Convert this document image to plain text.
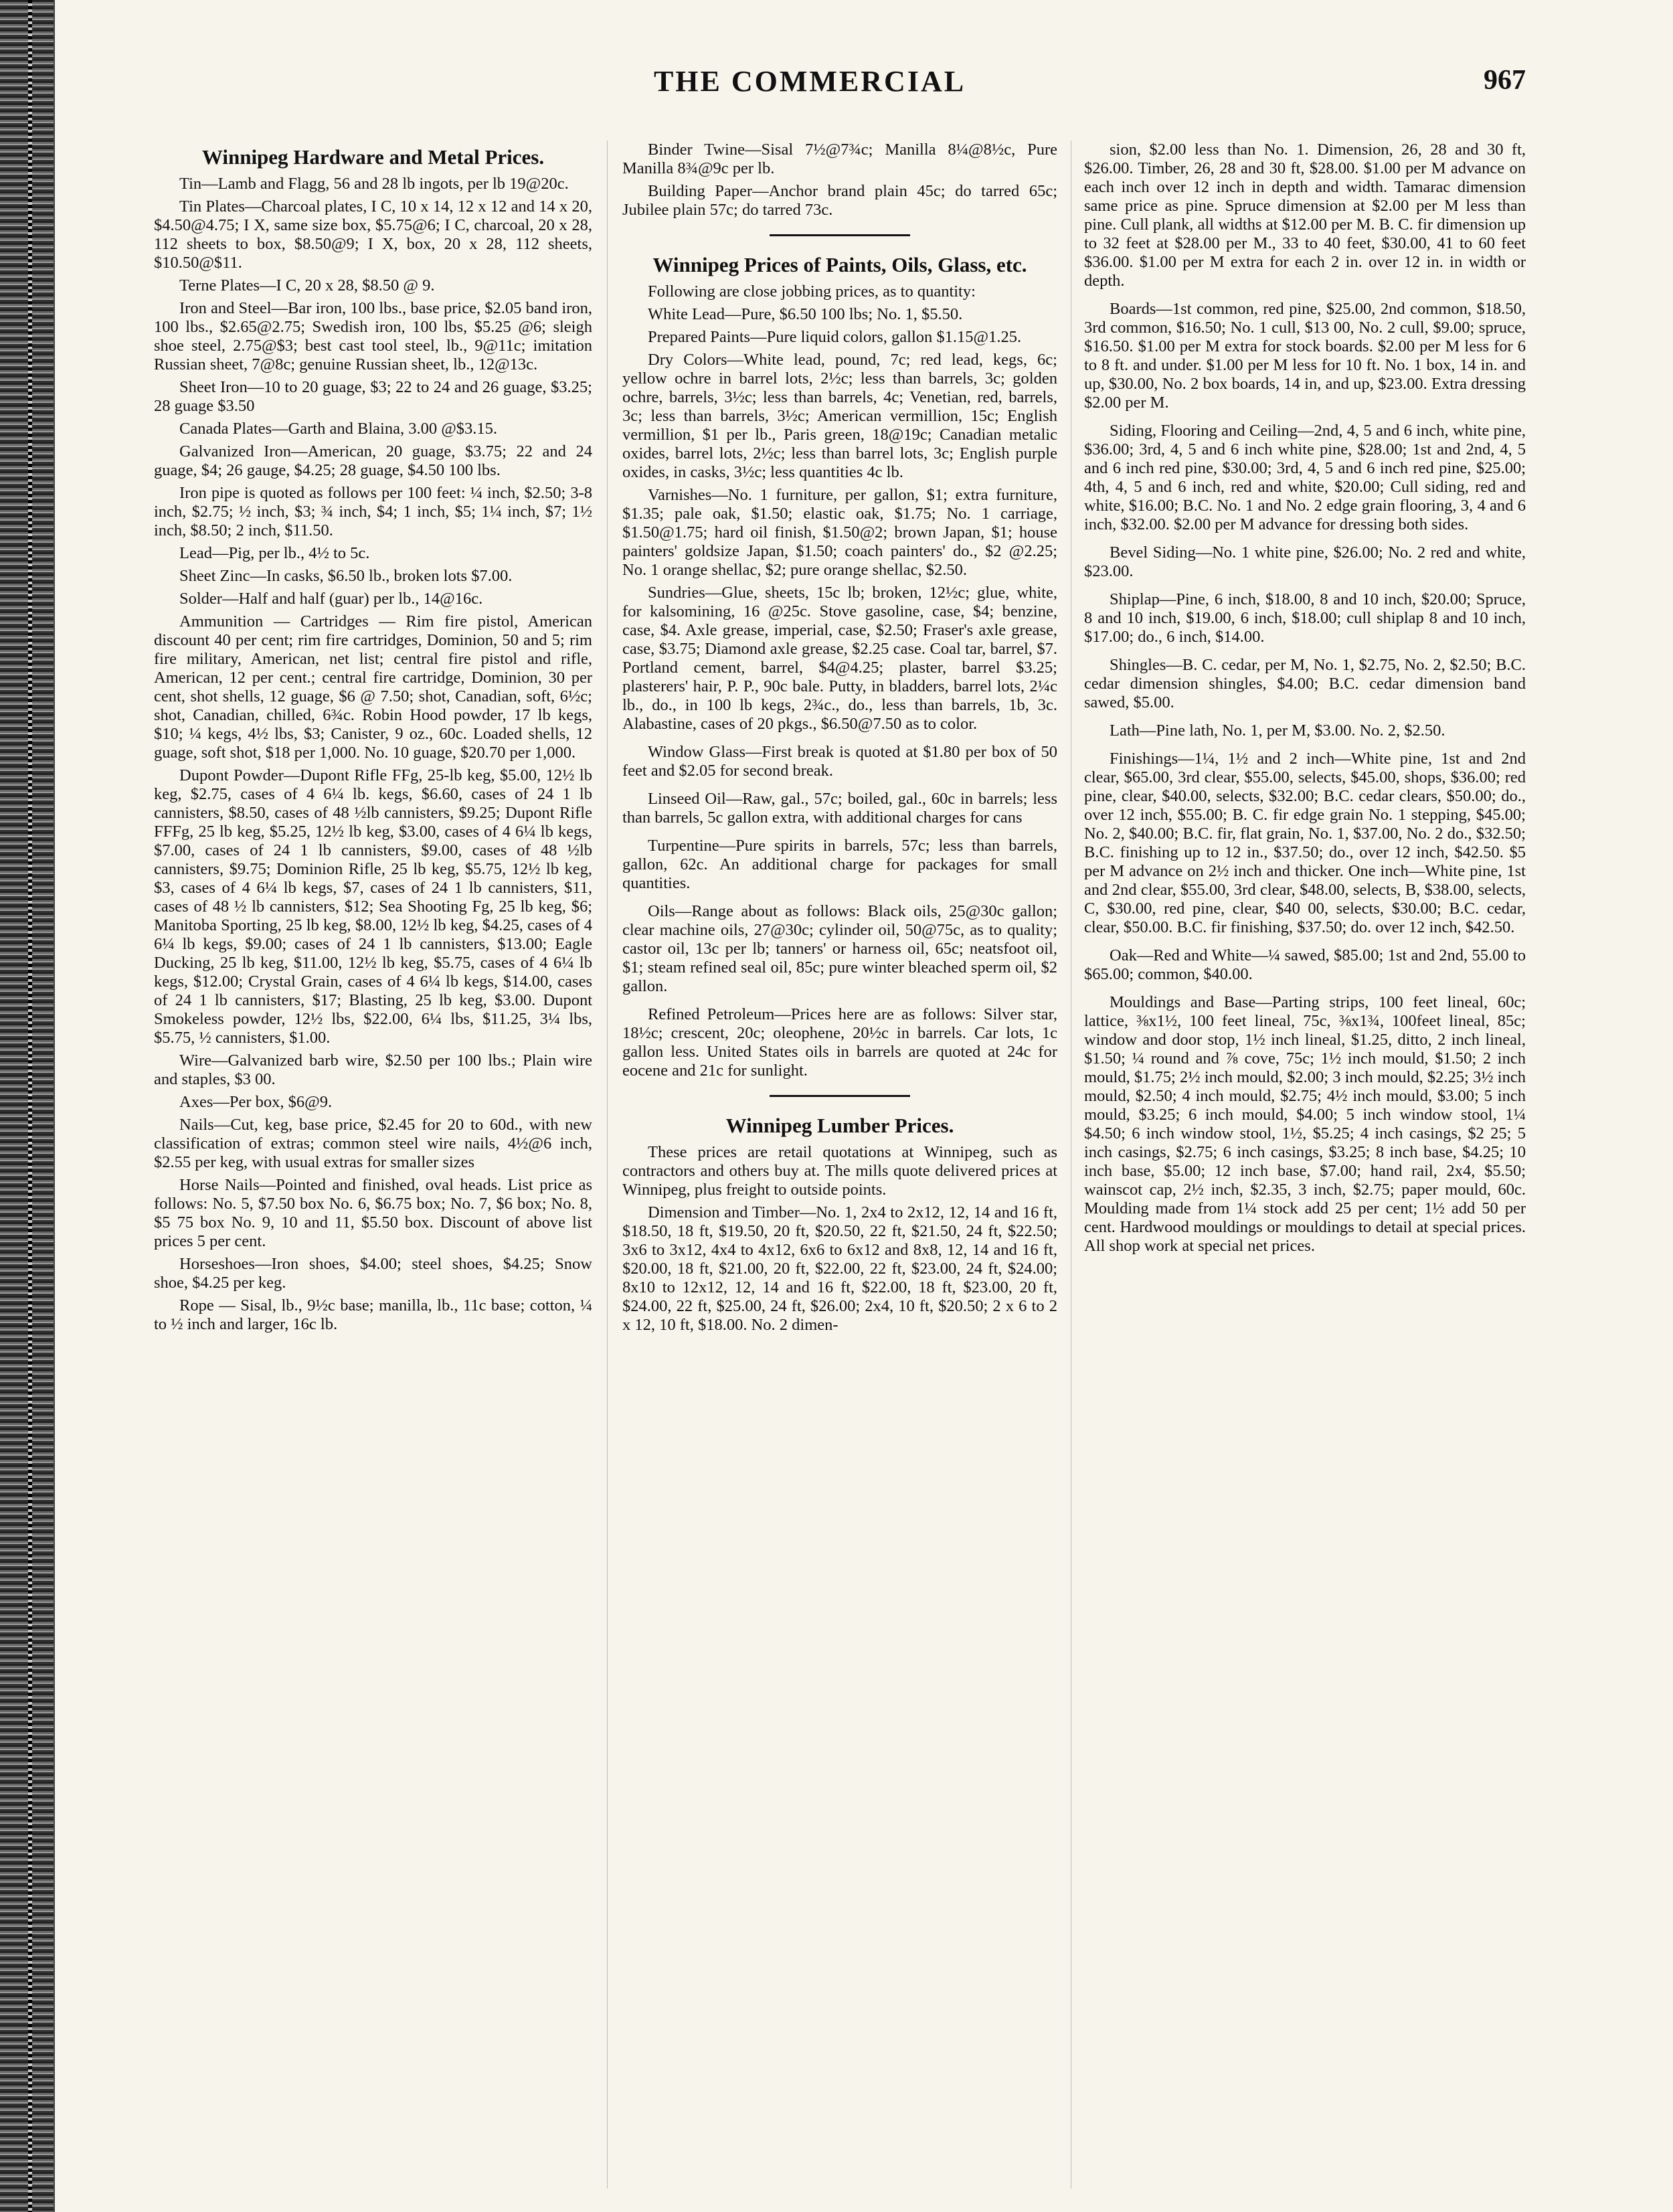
THE COMMERCIAL	967
Winnipeg Hardware and Metal Prices.

Tin—Lamb and Flagg, 56 and 28 lb ingots, per lb 19@20c.

Tin Plates—Charcoal plates, I C, 10 x 14, 12 x 12 and 14 x 20, $4.50@4.75; I X, same size box, $5.75@6; I C, charcoal, 20 x 28, 112 sheets to box, $8.50@9; I X, box, 20 x 28, 112 sheets, $10.50@$11.

Terne Plates—I C, 20 x 28, $8.50 @ 9.

Iron and Steel—Bar iron, 100 lbs., base price, $2.05 band iron, 100 lbs., $2.65@2.75; Swedish iron, 100 lbs, $5.25 @6; sleigh shoe steel, 2.75@$3; best cast tool steel, lb., 9@11c; imitation Russian sheet, 7@8c; genuine Russian sheet, lb., 12@13c.

Sheet Iron—10 to 20 guage, $3; 22 to 24 and 26 guage, $3.25; 28 guage $3.50

Canada Plates—Garth and Blaina, 3.00 @$3.15.

Galvanized Iron—American, 20 guage, $3.75; 22 and 24 guage, $4; 26 gauge, $4.25; 28 guage, $4.50 100 lbs.

Iron pipe is quoted as follows per 100 feet: ¼ inch, $2.50; 3-8 inch, $2.75; ½ inch, $3; ¾ inch, $4; 1 inch, $5; 1¼ inch, $7; 1½ inch, $8.50; 2 inch, $11.50.

Lead—Pig, per lb., 4½ to 5c.

Sheet Zinc—In casks, $6.50 lb., broken lots $7.00.

Solder—Half and half (guar) per lb., 14@16c.

Ammunition — Cartridges — Rim fire pistol, American discount 40 per cent; rim fire cartridges, Dominion, 50 and 5; rim fire military, American, net list; central fire pistol and rifle, American, 12 per cent.; central fire cartridge, Dominion, 30 per cent, shot shells, 12 guage, $6 @ 7.50; shot, Canadian, soft, 6½c; shot, Canadian, chilled, 6¾c. Robin Hood powder, 17 lb kegs, $10; ¼ kegs, 4½ lbs, $3; Canister, 9 oz., 60c. Loaded shells, 12 guage, soft shot, $18 per 1,000. No. 10 guage, $20.70 per 1,000.

Dupont Powder—Dupont Rifle FFg, 25-lb keg, $5.00, 12½ lb keg, $2.75, cases of 4 6¼ lb. kegs, $6.60, cases of 24 1 lb cannisters, $8.50, cases of 48 ½lb cannisters, $9.25; Dupont Rifle FFFg, 25 lb keg, $5.25, 12½ lb keg, $3.00, cases of 4 6¼ lb kegs, $7.00, cases of 24 1 lb cannisters, $9.00, cases of 48 ½lb cannisters, $9.75; Dominion Rifle, 25 lb keg, $5.75, 12½ lb keg, $3, cases of 4 6¼ lb kegs, $7, cases of 24 1 lb cannisters, $11, cases of 48 ½ lb cannisters, $12; Sea Shooting Fg, 25 lb keg, $6; Manitoba Sporting, 25 lb keg, $8.00, 12½ lb keg, $4.25, cases of 4 6¼ lb kegs, $9.00; cases of 24 1 lb cannisters, $13.00; Eagle Ducking, 25 lb keg, $11.00, 12½ lb keg, $5.75, cases of 4 6¼ lb kegs, $12.00; Crystal Grain, cases of 4 6¼ lb kegs, $14.00, cases of 24 1 lb cannisters, $17; Blasting, 25 lb keg, $3.00. Dupont Smokeless powder, 12½ lbs, $22.00, 6¼ lbs, $11.25, 3¼ lbs, $5.75, ½ cannisters, $1.00.

Wire—Galvanized barb wire, $2.50 per 100 lbs.; Plain wire and staples, $3 00.

Axes—Per box, $6@9.

Nails—Cut, keg, base price, $2.45 for 20 to 60d., with new classification of extras; common steel wire nails, 4½@6 inch, $2.55 per keg, with usual extras for smaller sizes

Horse Nails—Pointed and finished, oval heads. List price as follows: No. 5, $7.50 box No. 6, $6.75 box; No. 7, $6 box; No. 8, $5 75 box No. 9, 10 and 11, $5.50 box. Discount of above list prices 5 per cent.

Horseshoes—Iron shoes, $4.00; steel shoes, $4.25; Snow shoe, $4.25 per keg.

Rope — Sisal, lb., 9½c base; manilla, lb., 11c base; cotton, ¼ to ½ inch and larger, 16c lb.

Binder Twine—Sisal 7½@7¾c; Manilla 8¼@8½c, Pure Manilla 8¾@9c per lb.

Building Paper—Anchor brand plain 45c; do tarred 65c; Jubilee plain 57c; do tarred 73c.

Winnipeg Prices of Paints, Oils, Glass, etc.

Following are close jobbing prices, as to quantity:

White Lead—Pure, $6.50 100 lbs; No. 1, $5.50.

Prepared Paints—Pure liquid colors, gallon $1.15@1.25.

Dry Colors—White lead, pound, 7c; red lead, kegs, 6c; yellow ochre in barrel lots, 2½c; less than barrels, 3c; golden ochre, barrels, 3½c; less than barrels, 4c; Venetian, red, barrels, 3c; less than barrels, 3½c; American vermillion, 15c; English vermillion, $1 per lb., Paris green, 18@19c; Canadian metalic oxides, barrel lots, 2½c; less than barrel lots, 3c; English purple oxides, in casks, 3½c; less quantities 4c lb.

Varnishes—No. 1 furniture, per gallon, $1; extra furniture, $1.35; pale oak, $1.50; elastic oak, $1.75; No. 1 carriage, $1.50@1.75; hard oil finish, $1.50@2; brown Japan, $1; house painters' goldsize Japan, $1.50; coach painters' do., $2 @2.25; No. 1 orange shellac, $2; pure orange shellac, $2.50.

Sundries—Glue, sheets, 15c lb; broken, 12½c; glue, white, for kalsomining, 16 @25c. Stove gasoline, case, $4; benzine, case, $4. Axle grease, imperial, case, $2.50; Fraser's axle grease, case, $3.75; Diamond axle grease, $2.25 case. Coal tar, barrel, $7. Portland cement, barrel, $4@4.25; plaster, barrel $3.25; plasterers' hair, P. P., 90c bale. Putty, in bladders, barrel lots, 2¼c lb., do., in 100 lb kegs, 2¾c., do., less than barrels, 1b, 3c. Alabastine, cases of 20 pkgs., $6.50@7.50 as to color.

Window Glass—First break is quoted at $1.80 per box of 50 feet and $2.05 for second break.

Linseed Oil—Raw, gal., 57c; boiled, gal., 60c in barrels; less than barrels, 5c gallon extra, with additional charges for cans

Turpentine—Pure spirits in barrels, 57c; less than barrels, gallon, 62c. An additional charge for packages for small quantities.

Oils—Range about as follows: Black oils, 25@30c gallon; clear machine oils, 27@30c; cylinder oil, 50@75c, as to quality; castor oil, 13c per lb; tanners' or harness oil, 65c; neatsfoot oil, $1; steam refined seal oil, 85c; pure winter bleached sperm oil, $2 gallon.

Refined Petroleum—Prices here are as follows: Silver star, 18½c; crescent, 20c; oleophene, 20½c in barrels. Car lots, 1c gallon less. United States oils in barrels are quoted at 24c for eocene and 21c for sunlight.

Winnipeg Lumber Prices.

These prices are retail quotations at Winnipeg, such as contractors and others buy at. The mills quote delivered prices at Winnipeg, plus freight to outside points.

Dimension and Timber—No. 1, 2x4 to 2x12, 12, 14 and 16 ft, $18.50, 18 ft, $19.50, 20 ft, $20.50, 22 ft, $21.50, 24 ft, $22.50; 3x6 to 3x12, 4x4 to 4x12, 6x6 to 6x12 and 8x8, 12, 14 and 16 ft, $20.00, 18 ft, $21.00, 20 ft, $22.00, 22 ft, $23.00, 24 ft, $24.00; 8x10 to 12x12, 12, 14 and 16 ft, $22.00, 18 ft, $23.00, 20 ft, $24.00, 22 ft, $25.00, 24 ft, $26.00; 2x4, 10 ft, $20.50; 2 x 6 to 2 x 12, 10 ft, $18.00. No. 2 dimen-

sion, $2.00 less than No. 1. Dimension, 26, 28 and 30 ft, $26.00. Timber, 26, 28 and 30 ft, $28.00. $1.00 per M advance on each inch over 12 inch in depth and width. Tamarac dimension same price as pine. Spruce dimension at $2.00 per M less than pine. Cull plank, all widths at $12.00 per M. B. C. fir dimension up to 32 feet at $28.00 per M., 33 to 40 feet, $30.00, 41 to 60 feet $36.00. $1.00 per M extra for each 2 in. over 12 in. in width or depth.

Boards—1st common, red pine, $25.00, 2nd common, $18.50, 3rd common, $16.50; No. 1 cull, $13 00, No. 2 cull, $9.00; spruce, $16.50. $1.00 per M extra for stock boards. $2.00 per M less for 6 to 8 ft. and under. $1.00 per M less for 10 ft. No. 1 box, 14 in. and up, $30.00, No. 2 box boards, 14 in, and up, $23.00. Extra dressing $2.00 per M.

Siding, Flooring and Ceiling—2nd, 4, 5 and 6 inch, white pine, $36.00; 3rd, 4, 5 and 6 inch white pine, $28.00; 1st and 2nd, 4, 5 and 6 inch red pine, $30.00; 3rd, 4, 5 and 6 inch red pine, $25.00; 4th, 4, 5 and 6 inch, red and white, $20.00; Cull siding, red and white, $16.00; B.C. No. 1 and No. 2 edge grain flooring, 3, 4 and 6 inch, $32.00. $2.00 per M advance for dressing both sides.

Bevel Siding—No. 1 white pine, $26.00; No. 2 red and white, $23.00.

Shiplap—Pine, 6 inch, $18.00, 8 and 10 inch, $20.00; Spruce, 8 and 10 inch, $19.00, 6 inch, $18.00; cull shiplap 8 and 10 inch, $17.00; do., 6 inch, $14.00.

Shingles—B. C. cedar, per M, No. 1, $2.75, No. 2, $2.50; B.C. cedar dimension shingles, $4.00; B.C. cedar dimension band sawed, $5.00.

Lath—Pine lath, No. 1, per M, $3.00. No. 2, $2.50.

Finishings—1¼, 1½ and 2 inch—White pine, 1st and 2nd clear, $65.00, 3rd clear, $55.00, selects, $45.00, shops, $36.00; red pine, clear, $40.00, selects, $32.00; B.C. cedar clears, $50.00; do., over 12 inch, $55.00; B. C. fir edge grain No. 1 stepping, $45.00; No. 2, $40.00; B.C. fir, flat grain, No. 1, $37.00, No. 2 do., $32.50; B.C. finishing up to 12 in., $37.50; do., over 12 inch, $42.50. $5 per M advance on 2½ inch and thicker. One inch—White pine, 1st and 2nd clear, $55.00, 3rd clear, $48.00, selects, B, $38.00, selects, C, $30.00, red pine, clear, $40 00, selects, $30.00; B.C. cedar, clear, $50.00. B.C. fir finishing, $37.50; do. over 12 inch, $42.50.

Oak—Red and White—¼ sawed, $85.00; 1st and 2nd, 55.00 to $65.00; common, $40.00.

Mouldings and Base—Parting strips, 100 feet lineal, 60c; lattice, ⅜x1½, 100 feet lineal, 75c, ⅜x1¾, 100feet lineal, 85c; window and door stop, 1½ inch lineal, $1.25, ditto, 2 inch lineal, $1.50; ¼ round and ⅞ cove, 75c; 1½ inch mould, $1.50; 2 inch mould, $1.75; 2½ inch mould, $2.00; 3 inch mould, $2.25; 3½ inch mould, $2.50; 4 inch mould, $2.75; 4½ inch mould, $3.00; 5 inch mould, $3.25; 6 inch mould, $4.00; 5 inch window stool, 1¼ $4.50; 6 inch window stool, 1½, $5.25; 4 inch casings, $2 25; 5 inch casings, $2.75; 6 inch casings, $3.25; 8 inch base, $4.25; 10 inch base, $5.00; 12 inch base, $7.00; hand rail, 2x4, $5.50; wainscot cap, 2½ inch, $2.35, 3 inch, $2.75; paper mould, 60c. Moulding made from 1¼ stock add 25 per cent; 1½ add 50 per cent. Hardwood mouldings or mouldings to detail at special prices. All shop work at special net prices.
